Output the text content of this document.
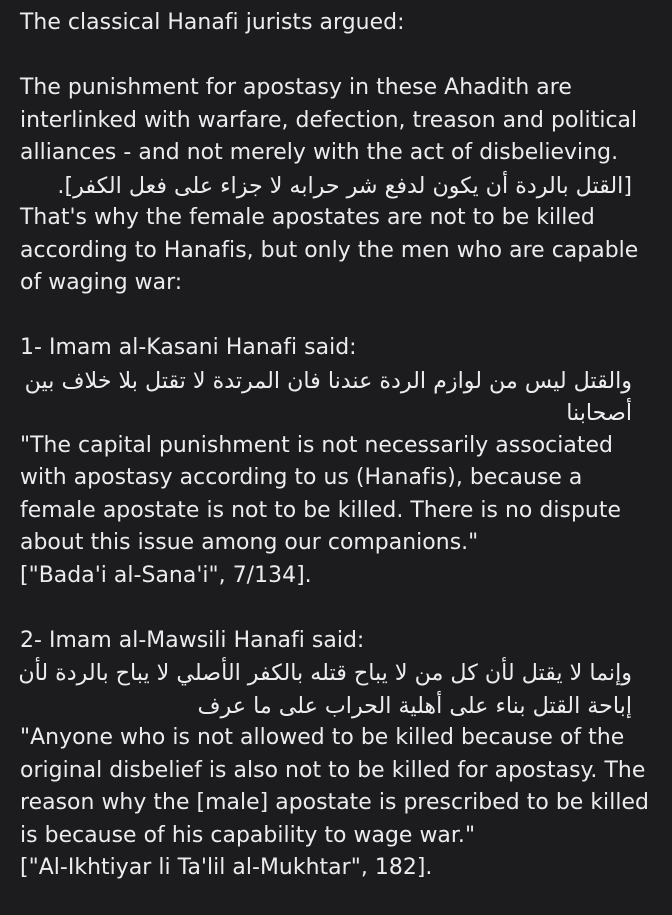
The classical Hanafi jurists argued:
The punishment for apostasy in these Ahadith are
interlinked with warfare, defection, treason and political
alliances - and not merely with the act of disbelieving.
[القتل بالردة أن يكون لدفع شر حرابه لا جزاء على فعل الكفر].
That's why the female apostates are not to be killed
according to Hanafis, but only the men who are capable
of waging war:
1- Imam al-Kasani Hanafi said:
والقتل ليس من لوازم الردة عندنا فان المرتدة لا تقتل بلا خلاف بين
أصحابنا
"The capital punishment is not necessarily associated
with apostasy according to us (Hanafis), because a
female apostate is not to be killed. There is no dispute
about this issue among our companions."
["Bada'i al-Sana'i", 7/134].
2- Imam al-Mawsili Hanafi said:
وإنما لا يقتل لأن كل من لا يباح قتله بالكفر الأصلي لا يباح بالردة لأن
إباحة القتل بناء على أهلية الحراب على ما عرف
"Anyone who is not allowed to be killed because of the
original disbelief is also not to be killed for apostasy. The
reason why the [male] apostate is prescribed to be killed
is because of his capability to wage war."
["Al-Ikhtiyar li Ta'lil al-Mukhtar", 182].
